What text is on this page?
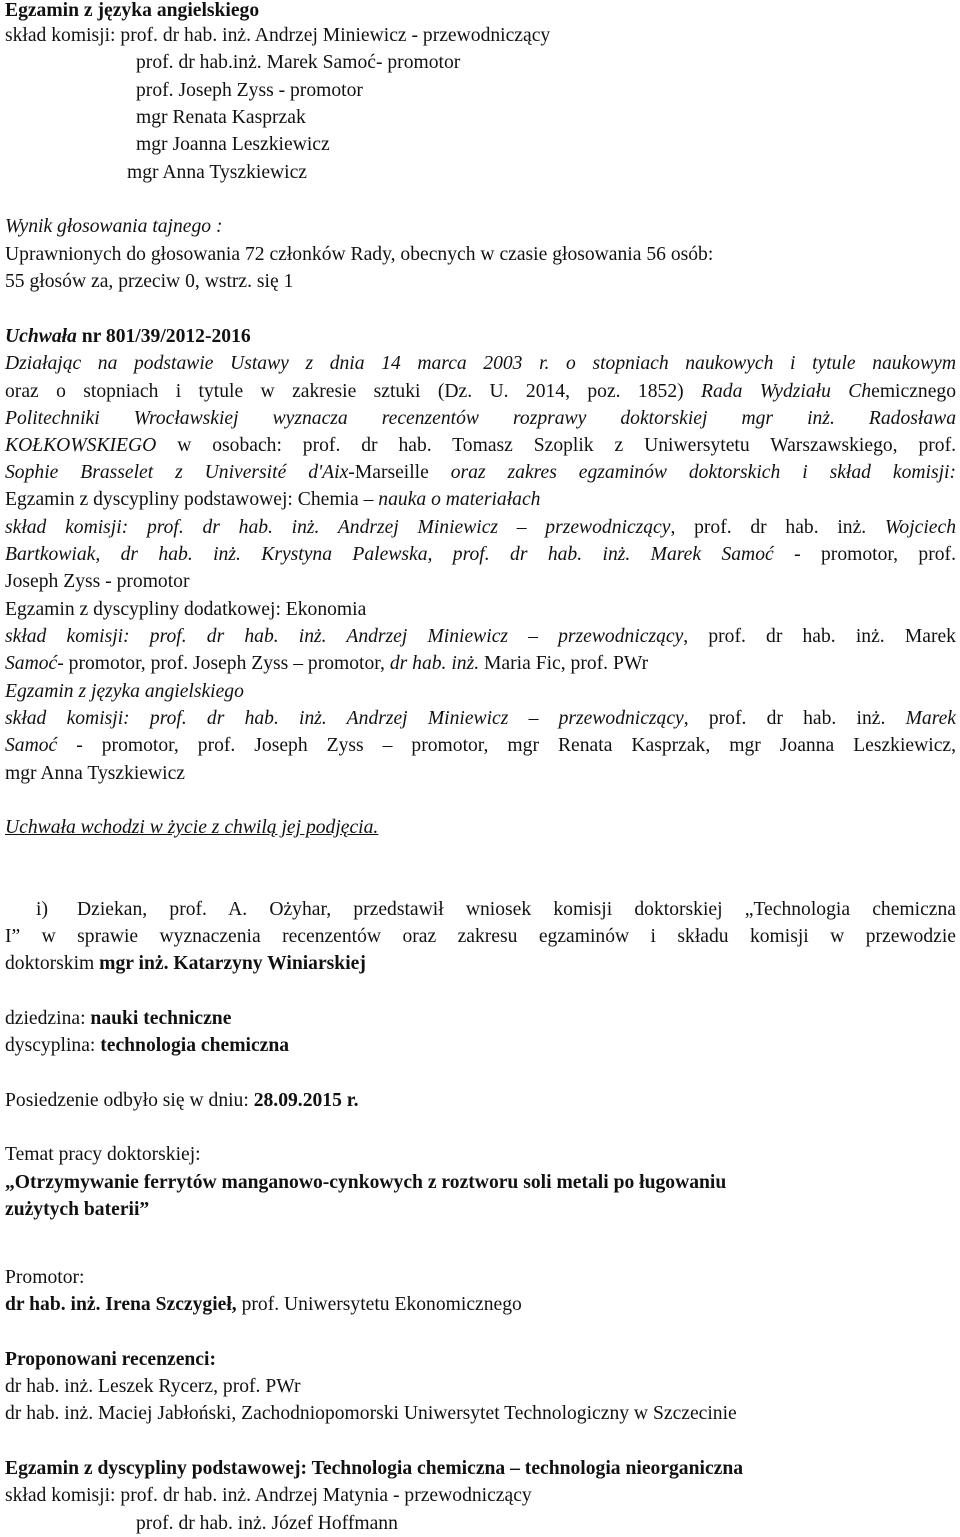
Egzamin z języka angielskiego
skład komisji: prof. dr hab. inż. Andrzej Miniewicz - przewodniczący
prof. dr hab.inż. Marek Samoć- promotor
prof. Joseph Zyss - promotor
mgr Renata Kasprzak
mgr Joanna Leszkiewicz
mgr Anna Tyszkiewicz
Wynik głosowania tajnego :
Uprawnionych do głosowania 72 członków Rady, obecnych w czasie głosowania 56 osób:
55 głosów za, przeciw 0, wstrz. się 1
Uchwała nr 801/39/2012-2016
Działając na podstawie Ustawy z dnia 14 marca 2003 r. o stopniach naukowych i tytule naukowym
oraz o stopniach i tytule w zakresie sztuki (Dz. U. 2014, poz. 1852) Rada Wydziału Chemicznego
Politechniki Wrocławskiej wyznacza recenzentów rozprawy doktorskiej mgr inż. Radosława
KOŁKOWSKIEGO w osobach: prof. dr hab. Tomasz Szoplik z Uniwersytetu Warszawskiego, prof.
Sophie Brasselet z Université d'Aix-Marseille oraz zakres egzaminów doktorskich i skład komisji:
Egzamin z dyscypliny podstawowej: Chemia – nauka o materiałach
skład komisji: prof. dr hab. inż. Andrzej Miniewicz – przewodniczący, prof. dr hab. inż. Wojciech
Bartkowiak, dr hab. inż. Krystyna Palewska, prof. dr hab. inż. Marek Samoć - promotor, prof.
Joseph Zyss - promotor
Egzamin z dyscypliny dodatkowej: Ekonomia
skład komisji: prof. dr hab. inż. Andrzej Miniewicz – przewodniczący, prof. dr hab. inż. Marek
Samoć- promotor, prof. Joseph Zyss – promotor, dr hab. inż. Maria Fic, prof. PWr
Egzamin z języka angielskiego
skład komisji: prof. dr hab. inż. Andrzej Miniewicz – przewodniczący, prof. dr hab. inż. Marek
Samoć - promotor, prof. Joseph Zyss – promotor, mgr Renata Kasprzak, mgr Joanna Leszkiewicz,
mgr Anna Tyszkiewicz
Uchwała wchodzi w życie z chwilą jej podjęcia.
i) Dziekan, prof. A. Ożyhar, przedstawił wniosek komisji doktorskiej „Technologia chemiczna
I” w sprawie wyznaczenia recenzentów oraz zakresu egzaminów i składu komisji w przewodzie
doktorskim mgr inż. Katarzyny Winiarskiej
dziedzina: nauki techniczne
dyscyplina: technologia chemiczna
Posiedzenie odbyło się w dniu: 28.09.2015 r.
Temat pracy doktorskiej:
„Otrzymywanie ferrytów manganowo-cynkowych z roztworu soli metali po ługowaniu
zużytych baterii”
Promotor:
dr hab. inż. Irena Szczygieł, prof. Uniwersytetu Ekonomicznego
Proponowani recenzenci:
dr hab. inż. Leszek Rycerz, prof. PWr
dr hab. inż. Maciej Jabłoński, Zachodniopomorski Uniwersytet Technologiczny w Szczecinie
Egzamin z dyscypliny podstawowej: Technologia chemiczna – technologia nieorganiczna
skład komisji: prof. dr hab. inż. Andrzej Matynia - przewodniczący
prof. dr hab. inż. Józef Hoffmann
